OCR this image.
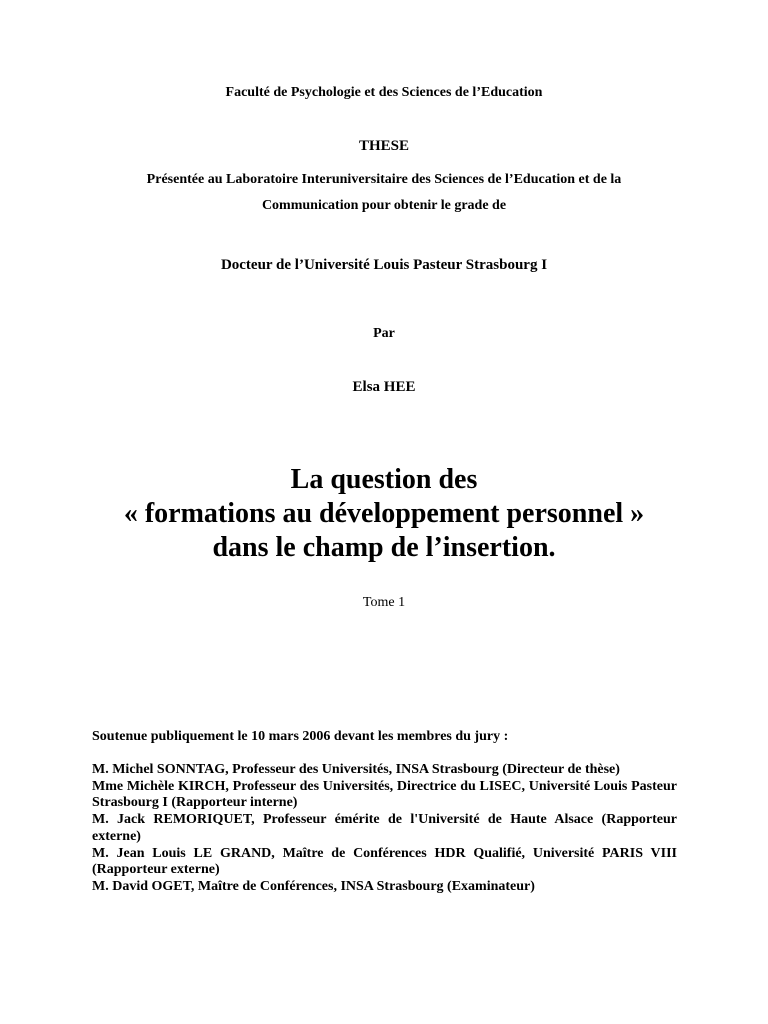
Faculté de Psychologie et des Sciences de l’Education
THESE
Présentée au Laboratoire Interuniversitaire des Sciences de l’Education et de la
Communication pour obtenir le grade de
Docteur de l’Université Louis Pasteur Strasbourg I
Par
Elsa HEE
La question des
« formations au développement personnel »
dans le champ de l’insertion.
Tome 1
Soutenue publiquement le 10 mars 2006 devant les membres du jury :
M. Michel SONNTAG, Professeur des Universités, INSA Strasbourg (Directeur de thèse)
Mme Michèle KIRCH, Professeur des Universités, Directrice du LISEC, Université Louis Pasteur Strasbourg I (Rapporteur interne)
M. Jack REMORIQUET, Professeur émérite de l'Université de Haute Alsace (Rapporteur externe)
M. Jean Louis LE GRAND, Maître de Conférences HDR Qualifié, Université PARIS VIII (Rapporteur externe)
M. David OGET, Maître de Conférences, INSA Strasbourg (Examinateur)
